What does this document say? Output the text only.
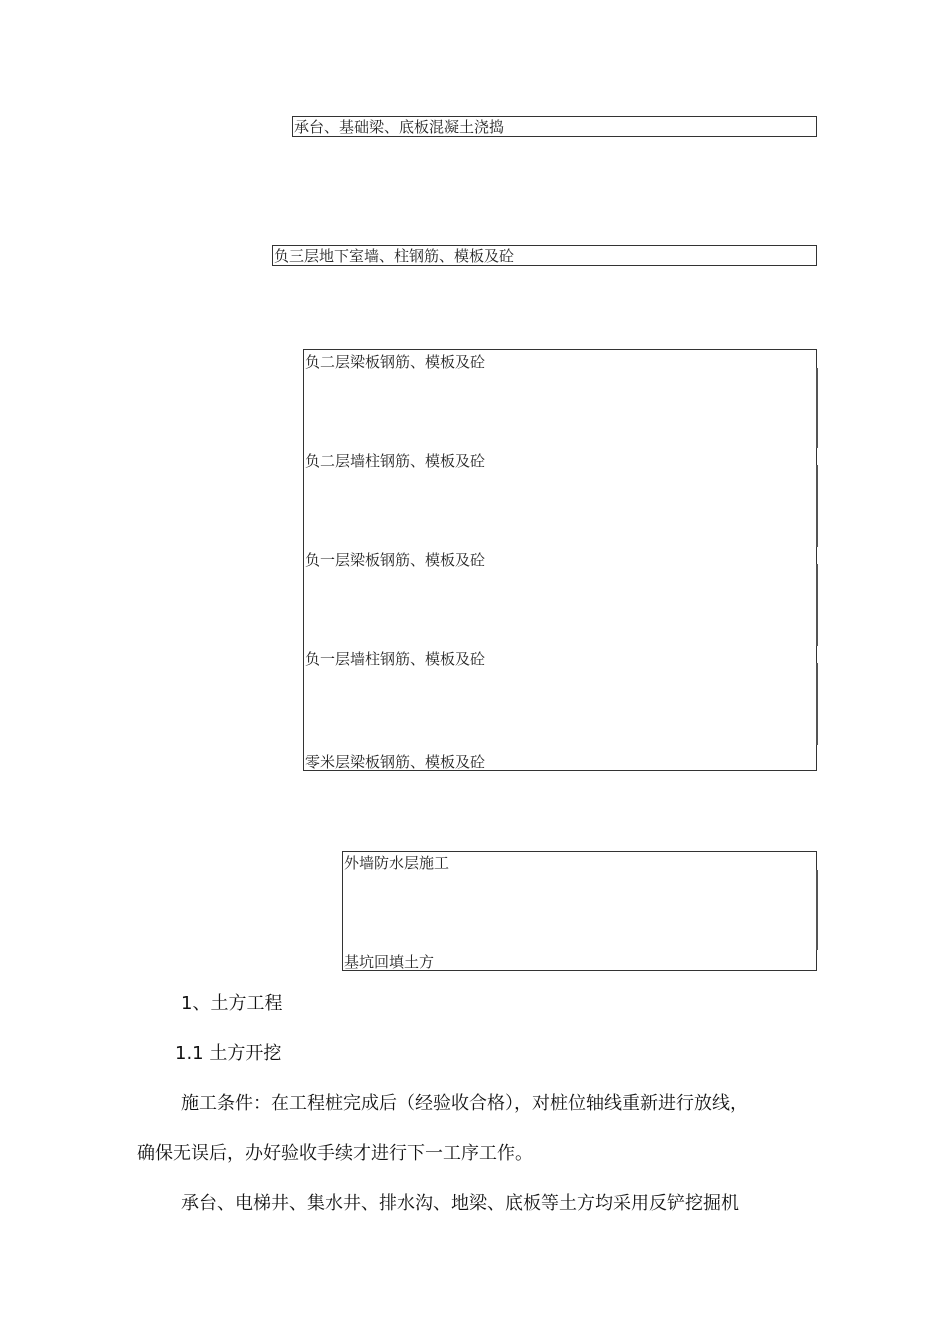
承台、基础梁、底板混凝土浇捣
负三层地下室墙、柱钢筋、模板及砼
负二层梁板钢筋、模板及砼
负二层墙柱钢筋、模板及砼
负一层梁板钢筋、模板及砼
负一层墙柱钢筋、模板及砼
零米层梁板钢筋、模板及砼
外墙防水层施工
基坑回填土方
1、土方工程
1.1 土方开挖
施工条件：在工程桩完成后（经验收合格），对桩位轴线重新进行放线，
确保无误后，办好验收手续才进行下一工序工作。
承台、电梯井、集水井、排水沟、地梁、底板等土方均采用反铲挖掘机
